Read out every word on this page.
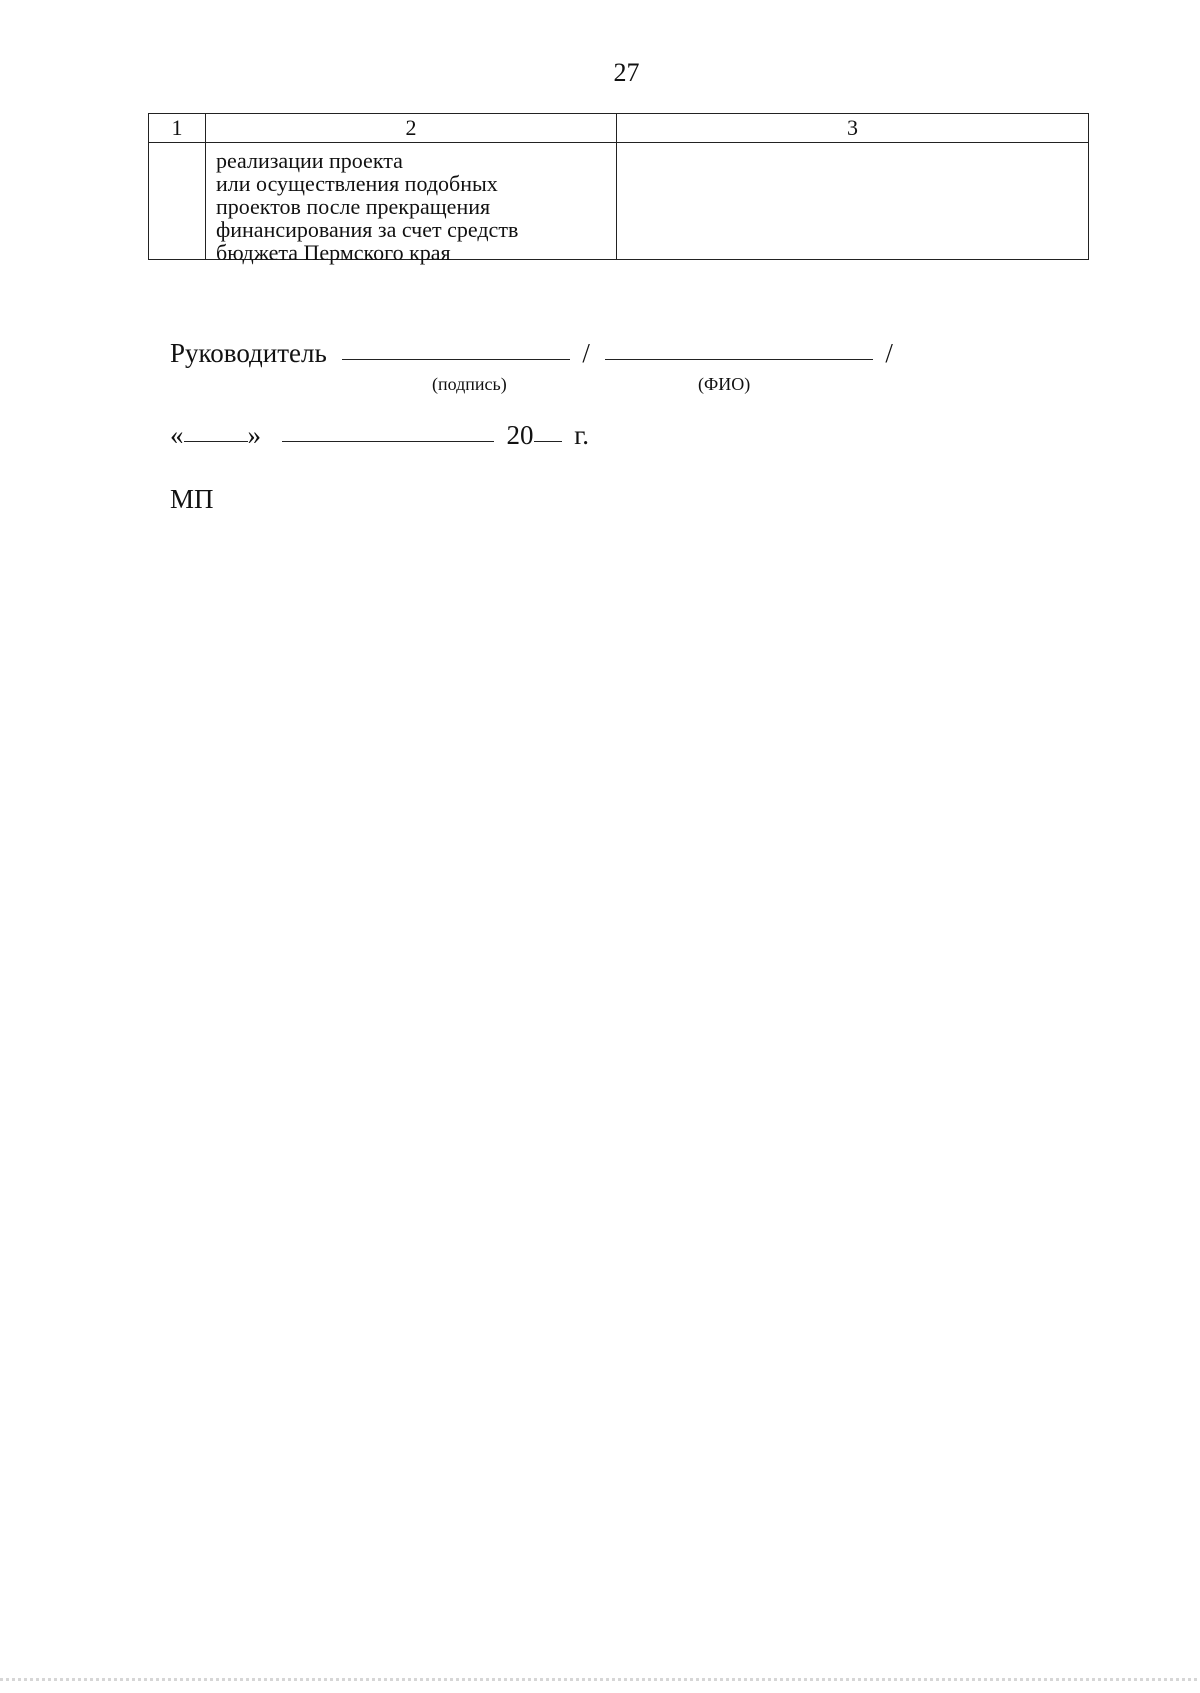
27
1	2	3

	реализации проекта
или осуществления подобных
проектов после прекращения
финансирования за счет средств
бюджета Пермского края	

Руководитель	/	/
(подпись)	(ФИО)
« »	20 г.
МП
